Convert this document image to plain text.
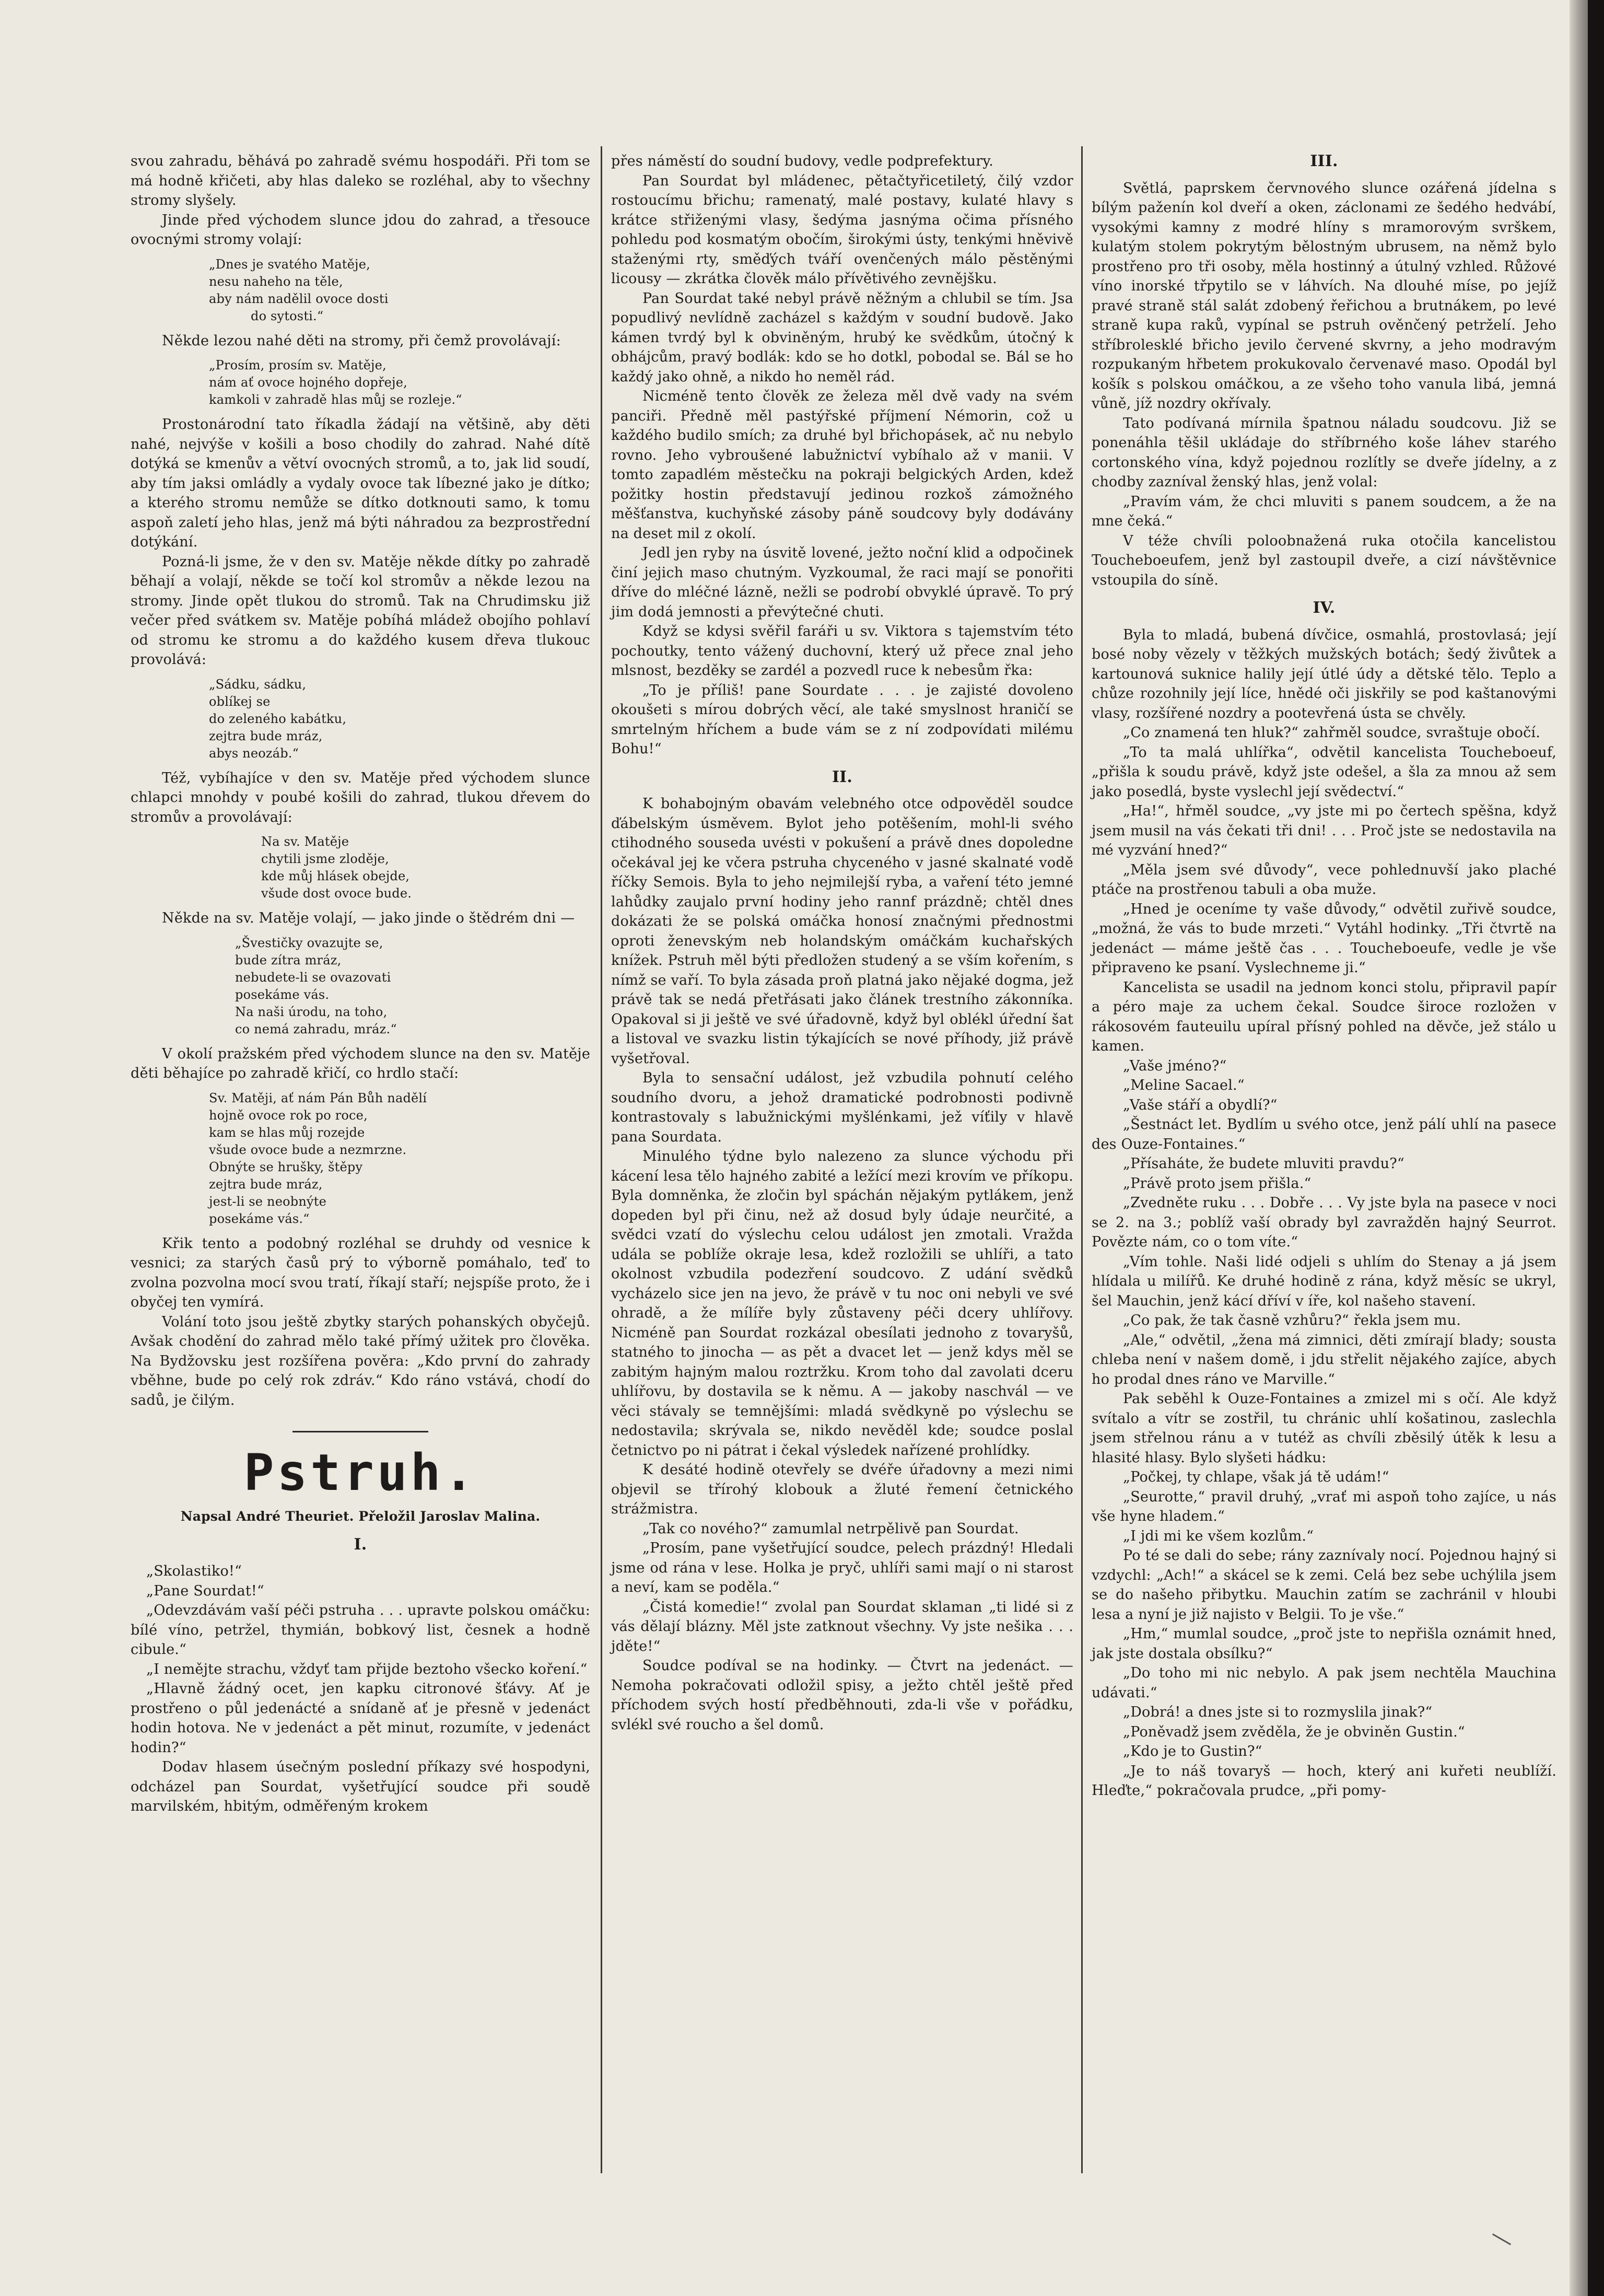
svou zahradu, běhává po zahradě svému hospodáři. Při tom se má hodně křičeti, aby hlas daleko se rozléhal, aby to všechny stromy slyšely.

Jinde před východem slunce jdou do zahrad, a třesouce ovocnými stromy volají:

„Dnes je svatého Matěje,
nesu naheho na těle,
aby nám nadělil ovoce dosti
do sytosti.“

Někde lezou nahé děti na stromy, při čemž provolávají:

„Prosím, prosím sv. Matěje,
nám ať ovoce hojného dopřeje,
kamkoli v zahradě hlas můj se rozleje.“

Prostonárodní tato říkadla žádají na většině, aby děti nahé, nejvýše v košili a boso chodily do zahrad. Nahé dítě dotýká se kmenův a větví ovocných stromů, a to, jak lid soudí, aby tím jaksi omládly a vydaly ovoce tak líbezné jako je dítko; a kterého stromu nemůže se dítko dotknouti samo, k tomu aspoň zaletí jeho hlas, jenž má býti náhradou za bezprostřední dotýkání.

Pozná-li jsme, že v den sv. Matěje někde dítky po zahradě běhají a volají, někde se točí kol stromův a někde lezou na stromy. Jinde opět tlukou do stromů. Tak na Chrudimsku již večer před svátkem sv. Matěje pobíhá mládež obojího pohlaví od stromu ke stromu a do každého kusem dřeva tlukouc provolává:

„Sádku, sádku,
oblíkej se
do zeleného kabátku,
zejtra bude mráz,
abys neozáb.“

Též, vybíhajíce v den sv. Matěje před východem slunce chlapci mnohdy v poubé košili do zahrad, tlukou dřevem do stromův a provolávají:

Na sv. Matěje
chytili jsme zloděje,
kde můj hlásek obejde,
všude dost ovoce bude.

Někde na sv. Matěje volají, — jako jinde o štědrém dni —

„Švestičky ovazujte se,
bude zítra mráz,
nebudete-li se ovazovati
posekáme vás.
Na naši úrodu, na toho,
co nemá zahradu, mráz.“

V okolí pražském před východem slunce na den sv. Matěje děti běhajíce po zahradě křičí, co hrdlo stačí:

Sv. Matěji, ať nám Pán Bůh nadělí
hojně ovoce rok po roce,
kam se hlas můj rozejde
všude ovoce bude a nezmrzne.
Obnýte se hrušky, štěpy
zejtra bude mráz,
jest-li se neobnýte
posekáme vás.“

Křik tento a podobný rozléhal se druhdy od vesnice k vesnici; za starých časů prý to výborně pomáhalo, teď to zvolna pozvolna mocí svou tratí, říkají staří; nejspíše proto, že i obyčej ten vymírá.

Volání toto jsou ještě zbytky starých pohanských obyčejů. Avšak chodění do zahrad mělo také přímý užitek pro člověka. Na Bydžovsku jest rozšířena pověra: „Kdo první do zahrady vběhne, bude po celý rok zdráv.“ Kdo ráno vstává, chodí do sadů, je čilým.

Pstruh.
Napsal André Theuriet. Přeložil Jaroslav Malina.
I.

„Skolastiko!“

„Pane Sourdat!“

„Odevzdávám vaší péči pstruha . . . upravte polskou omáčku: bílé víno, petržel, thymián, bobkový list, česnek a hodně cibule.“

„I nemějte strachu, vždyť tam přijde beztoho všecko koření.“

„Hlavně žádný ocet, jen kapku citronové šťávy. Ať je prostřeno o půl jedenácté a snídaně ať je přesně v jedenáct hodin hotova. Ne v jedenáct a pět minut, rozumíte, v jedenáct hodin?“

Dodav hlasem úsečným poslední příkazy své hospodyni, odcházel pan Sourdat, vyšetřující soudce při soudě marvilském, hbitým, odměřeným krokem

přes náměstí do soudní budovy, vedle podprefektury.

Pan Sourdat byl mládenec, pětačtyřicetiletý, čilý vzdor rostoucímu břichu; ramenatý, malé postavy, kulaté hlavy s krátce střiženými vlasy, šedýma jasnýma očima přísného pohledu pod kosmatým obočím, širokými ústy, tenkými hněvivě staženými rty, směďých tváří ovenčených málo pěstěnými licousy — zkrátka člověk málo přívětivého zevnějšku.

Pan Sourdat také nebyl právě něžným a chlubil se tím. Jsa popudlivý nevlídně zacházel s každým v soudní budově. Jako kámen tvrdý byl k obviněným, hrubý ke svědkům, útočný k obhájcům, pravý bodlák: kdo se ho dotkl, pobodal se. Bál se ho každý jako ohně, a nikdo ho neměl rád.

Nicméně tento člověk ze železa měl dvě vady na svém panciři. Předně měl pastýřské příjmení Némorin, což u každého budilo smích; za druhé byl břichopásek, ač nu nebylo rovno. Jeho vybroušené labužnictví vybíhalo až v manii. V tomto zapadlém městečku na pokraji belgických Arden, kdež požitky hostin představují jedinou rozkoš zámožného měšťanstva, kuchyňské zásoby páně soudcovy byly dodávány na deset mil z okolí.

Jedl jen ryby na úsvitě lovené, ježto noční klid a odpočinek činí jejich maso chutným. Vyzkoumal, že raci mají se ponořiti dříve do mléčné lázně, nežli se podrobí obvyklé úpravě. To prý jim dodá jemnosti a převýtečné chuti.

Když se kdysi svěřil faráři u sv. Viktora s tajemstvím této pochoutky, tento vážený duchovní, který už přece znal jeho mlsnost, bezděky se zardél a pozvedl ruce k nebesům řka:

„To je příliš! pane Sourdate . . . je zajisté dovoleno okoušeti s mírou dobrých věcí, ale také smyslnost hraničí se smrtelným hříchem a bude vám se z ní zodpovídati milému Bohu!“

II.

K bohabojným obavám velebného otce odpověděl soudce ďábelským úsměvem. Bylot jeho potěšením, mohl-li svého ctihodného souseda uvésti v pokušení a právě dnes dopoledne očekával jej ke včera pstruha chyceného v jasné skalnaté vodě říčky Semois. Byla to jeho nejmilejší ryba, a vaření této jemné lahůdky zaujalo první hodiny jeho rannf prázdně; chtěl dnes dokázati že se polská omáčka honosí značnými přednostmi oproti ženevským neb holandským omáčkám kuchařských knížek. Pstruh měl býti předložen studený a se vším kořením, s nímž se vaří. To byla zásada proň platná jako nějaké dogma, jež právě tak se nedá přetřásati jako článek trestního zákonníka. Opakoval si ji ještě ve své úřadovně, když byl oblékl úřední šat a listoval ve svazku listin týkajících se nové příhody, již právě vyšetřoval.

Byla to sensační událost, jež vzbudila pohnutí celého soudního dvoru, a jehož dramatické podrobnosti podivně kontrastovaly s labužnickými myšlénkami, jež víťily v hlavě pana Sourdata.

Minulého týdne bylo nalezeno za slunce východu při kácení lesa tělo hajného zabité a ležící mezi krovím ve příkopu. Byla domněnka, že zločin byl spáchán nějakým pytlákem, jenž dopeden byl při činu, než až dosud byly údaje neurčité, a svědci vzatí do výslechu celou událost jen zmotali. Vražda udála se poblíže okraje lesa, kdež rozložili se uhlíři, a tato okolnost vzbudila podezření soudcovo. Z udání svědků vycházelo sice jen na jevo, že právě v tu noc oni nebyli ve své ohradě, a že mílíře byly zůstaveny péči dcery uhlířovy. Nicméně pan Sourdat rozkázal obesílati jednoho z tovaryšů, statného to jinocha — as pět a dvacet let — jenž kdys měl se zabitým hajným malou roztržku. Krom toho dal zavolati dceru uhlířovu, by dostavila se k němu. A — jakoby naschvál — ve věci stávaly se temnějšími: mladá svědkyně po výslechu se nedostavila; skrývala se, nikdo nevěděl kde; soudce poslal četnictvo po ni pátrat i čekal výsledek nařízené prohlídky.

K desáté hodině otevřely se dvéře úřadovny a mezi nimi objevil se třírohý klobouk a žluté řemení četnického strážmistra.

„Tak co nového?“ zamumlal netrpělivě pan Sourdat.

„Prosím, pane vyšetřující soudce, pelech prázdný! Hledali jsme od rána v lese. Holka je pryč, uhlíři sami mají o ni starost a neví, kam se poděla.“

„Čistá komedie!“ zvolal pan Sourdat sklaman „ti lidé si z vás dělají blázny. Měl jste zatknout všechny. Vy jste nešika . . . jděte!“

Soudce podíval se na hodinky. — Čtvrt na jedenáct. — Nemoha pokračovati odložil spisy, a ježto chtěl ještě před příchodem svých hostí předběhnouti, zda-li vše v pořádku, svlékl své roucho a šel domů.

III.

Světlá, paprskem červnového slunce ozářená jídelna s bílým paženín kol dveří a oken, záclonami ze šedého hedvábí, vysokými kamny z modré hlíny s mramorovým svrškem, kulatým stolem pokrytým bělostným ubrusem, na němž bylo prostřeno pro tři osoby, měla hostinný a útulný vzhled. Růžové víno inorské třpytilo se v láhvích. Na dlouhé míse, po jejíž pravé straně stál salát zdobený řeřichou a brutnákem, po levé straně kupa raků, vypínal se pstruh ověnčený petrželí. Jeho stříbrolesklé břicho jevilo červené skvrny, a jeho modravým rozpukaným hřbetem prokukovalo červenavé maso. Opodál byl košík s polskou omáčkou, a ze všeho toho vanula libá, jemná vůně, jíž nozdry okřívaly.

Tato podívaná mírnila špatnou náladu soudcovu. Již se ponenáhla těšil ukládaje do stříbrného koše láhev starého cortonského vína, když pojednou rozlítly se dveře jídelny, a z chodby zazníval ženský hlas, jenž volal:

„Pravím vám, že chci mluviti s panem soudcem, a že na mne čeká.“

V téže chvíli poloobnažená ruka otočila kancelistou Toucheboeufem, jenž byl zastoupil dveře, a cizí návštěvnice vstoupila do síně.

IV.

Byla to mladá, bubená dívčice, osmahlá, prostovlasá; její bosé noby vězely v těžkých mužských botách; šedý živůtek a kartounová suknice halily její útlé údy a dětské tělo. Teplo a chůze rozohnily její líce, hnědé oči jiskřily se pod kaštanovými vlasy, rozšířené nozdry a pootevřená ústa se chvěly.

„Co znamená ten hluk?“ zahřměl soudce, svraštuje obočí.

„To ta malá uhlířka“, odvětil kancelista Toucheboeuf, „přišla k soudu právě, když jste odešel, a šla za mnou až sem jako posedlá, byste vyslechl její svědectví.“

„Ha!“, hřměl soudce, „vy jste mi po čertech spěšna, když jsem musil na vás čekati tři dni! . . . Proč jste se nedostavila na mé vyzvání hned?“

„Měla jsem své důvody“, vece pohlednuvší jako plaché ptáče na prostřenou tabuli a oba muže.

„Hned je oceníme ty vaše důvody,“ odvětil zuřivě soudce, „možná, že vás to bude mrzeti.“ Vytáhl hodinky. „Tři čtvrtě na jedenáct — máme ještě čas . . . Toucheboeufe, vedle je vše připraveno ke psaní. Vyslechneme ji.“

Kancelista se usadil na jednom konci stolu, připravil papír a péro maje za uchem čekal. Soudce široce rozložen v rákosovém fauteuilu upíral přísný pohled na děvče, jež stálo u kamen.

„Vaše jméno?“

„Meline Sacael.“

„Vaše stáří a obydlí?“

„Šestnáct let. Bydlím u svého otce, jenž pálí uhlí na pasece des Ouze-Fontaines.“

„Přísaháte, že budete mluviti pravdu?“

„Právě proto jsem přišla.“

„Zvedněte ruku . . . Dobře . . . Vy jste byla na pasece v noci se 2. na 3.; poblíž vaší obrady byl zavražděn hajný Seurrot. Povězte nám, co o tom víte.“

„Vím tohle. Naši lidé odjeli s uhlím do Stenay a já jsem hlídala u milířů. Ke druhé hodině z rána, když měsíc se ukryl, šel Mauchin, jenž kácí dříví v íře, kol našeho stavení.

„Co pak, že tak časně vzhůru?“ řekla jsem mu.

„Ale,“ odvětil, „žena má zimnici, děti zmírají blady; sousta chleba není v našem domě, i jdu střelit nějakého zajíce, abych ho prodal dnes ráno ve Marville.“

Pak seběhl k Ouze-Fontaines a zmizel mi s očí. Ale když svítalo a vítr se zostřil, tu chránic uhlí košatinou, zaslechla jsem střelnou ránu a v tutéž as chvíli zběsilý útěk k lesu a hlasité hlasy. Bylo slyšeti hádku:

„Počkej, ty chlape, však já tě udám!“

„Seurotte,“ pravil druhý, „vrať mi aspoň toho zajíce, u nás vše hyne hladem.“

„I jdi mi ke všem kozlům.“

Po té se dali do sebe; rány zaznívaly nocí. Pojednou hajný si vzdychl: „Ach!“ a skácel se k zemi. Celá bez sebe uchýlila jsem se do našeho přibytku. Mauchin zatím se zachránil v hloubi lesa a nyní je již najisto v Belgii. To je vše.“

„Hm,“ mumlal soudce, „proč jste to nepřišla oznámit hned, jak jste dostala obsílku?“

„Do toho mi nic nebylo. A pak jsem nechtěla Mauchina udávati.“

„Dobrá! a dnes jste si to rozmyslila jinak?“

„Poněvadž jsem zvěděla, že je obviněn Gustin.“

„Kdo je to Gustin?“

„Je to náš tovaryš — hoch, který ani kuřeti neublíží. Hleďte,“ pokračovala prudce, „při pomy-
